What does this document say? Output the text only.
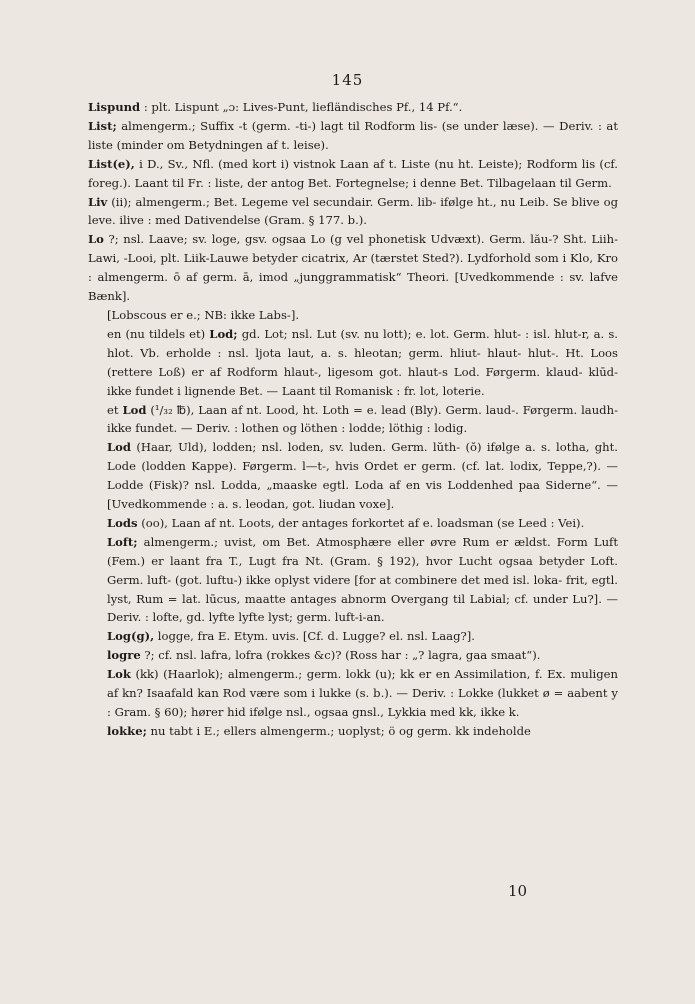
145

Lispund : plt. Lispunt „ɔ: Lives-Punt, liefländisches Pf., 14 Pf.“.

List; almengerm.; Suffix -t (germ. -ti-) lagt til Rodform lis- (se under læse). — Deriv. : at liste (minder om Betydningen af t. leise).

List(e), i D., Sv., Nfl. (med kort i) vistnok Laan af t. Liste (nu ht. Leiste); Rodform lis (cf. foreg.). Laant til Fr. : liste, der antog Bet. Fortegnelse; i denne Bet. Tilbagelaan til Germ.

Liv (ii); almengerm.; Bet. Legeme vel secundair. Germ. lib- ifølge ht., nu Leib. Se blive og leve. ilive : med Dativendelse (Gram. § 177. b.).

Lo ?; nsl. Laave; sv. loge, gsv. ogsaa Lo (g vel phonetisk Udvæxt). Germ. lău-? Sht. Liih-Lawi, -Looi, plt. Liik-Lauwe betyder cicatrix, Ar (tærstet Sted?). Lydforhold som i Klo, Kro : almengerm. ō af germ. ā, imod „junggrammatisk“ Theori. [Uvedkommende : sv. lafve Bænk].

[Lobscous er e.; NB: ikke Labs-].

en (nu tildels et) Lod; gd. Lot; nsl. Lut (sv. nu lott); e. lot. Germ. hlut- : isl. hlut-r, a. s. hlot. Vb. erholde : nsl. ljota laut, a. s. hleotan; germ. hliut- hlaut- hlut-. Ht. Loos (rettere Loß) er af Rodform hlaut-, ligesom got. hlaut-s Lod. Førgerm. klaud- klūd- ikke fundet i lignende Bet. — Laant til Romanisk : fr. lot, loterie.

et Lod (¹/₃₂ ℔), Laan af nt. Lood, ht. Loth = e. lead (Bly). Germ. laud-. Førgerm. laudh- ikke fundet. — Deriv. : lothen og löthen : lodde; löthig : lodig.

Lod (Haar, Uld), lodden; nsl. loden, sv. luden. Germ. lŭth- (ŏ) ifølge a. s. lotha, ght. Lode (lodden Kappe). Førgerm. l—t-, hvis Ordet er germ. (cf. lat. lodix, Teppe,?). — Lodde (Fisk)? nsl. Lodda, „maaske egtl. Loda af en vis Loddenhed paa Siderne“. — [Uvedkommende : a. s. leodan, got. liudan voxe].

Lods (oo), Laan af nt. Loots, der antages forkortet af e. loadsman (se Leed : Vei).

Loft; almengerm.; uvist, om Bet. Atmosphære eller øvre Rum er ældst. Form Luft (Fem.) er laant fra T., Lugt fra Nt. (Gram. § 192), hvor Lucht ogsaa betyder Loft. Germ. luft- (got. luftu-) ikke oplyst videre [for at combinere det med isl. loka- frit, egtl. lyst, Rum = lat. lūcus, maatte antages abnorm Overgang til Labial; cf. under Lu?]. — Deriv. : lofte, gd. lyfte lyfte lyst; germ. luft-i-an.

Log(g), logge, fra E. Etym. uvis. [Cf. d. Lugge? el. nsl. Laag?].

logre ?; cf. nsl. lafra, lofra (rokkes &c)? (Ross har : „? lagra, gaa smaat“).

Lok (kk) (Haarlok); almengerm.; germ. lokk (u); kk er en Assimilation, f. Ex. muligen af kn? Isaafald kan Rod være som i lukke (s. b.). — Deriv. : Lokke (lukket ø = aabent y : Gram. § 60); hører hid ifølge nsl., ogsaa gnsl., Lykkia med kk, ikke k.

lokke; nu tabt i E.; ellers almengerm.; uoplyst; ö og germ. kk indeholde

10
